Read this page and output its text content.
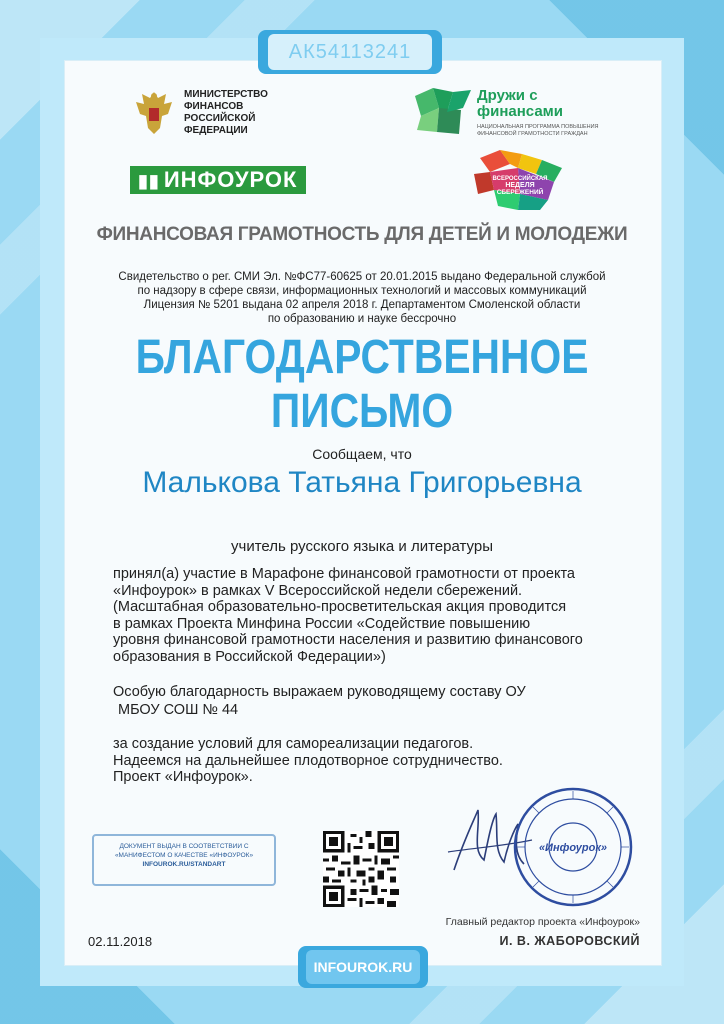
АК54113241
МИНИСТЕРСТВО ФИНАНСОВ РОССИЙСКОЙ ФЕДЕРАЦИИ
Дружи с финансами
НАЦИОНАЛЬНАЯ ПРОГРАММА ПОВЫШЕНИЯ ФИНАНСОВОЙ ГРАМОТНОСТИ ГРАЖДАН
▮▮ ИНФОУРОК	ВСЕРОССИЙСКАЯ
НЕДЕЛЯ
СБЕРЕЖЕНИЙ
ФИНАНСОВАЯ ГРАМОТНОСТЬ ДЛЯ ДЕТЕЙ И МОЛОДЕЖИ
Свидетельство о рег. СМИ Эл. №ФС77-60625 от 20.01.2015 выдано Федеральной службой
по надзору в сфере связи, информационных технологий и массовых коммуникаций
Лицензия № 5201 выдана 02 апреля 2018 г. Департаментом Смоленской области
по образованию и науке бессрочно
БЛАГОДАРСТВЕННОЕ
ПИСЬМО
Сообщаем, что
Малькова Татьяна Григорьевна
учитель русского языка и литературы
принял(а) участие в Марафоне финансовой грамотности от проекта
«Инфоурок» в рамках V Всероссийской недели сбережений.
(Масштабная образовательно-просветительская акция проводится
в рамках Проекта Минфина России «Содействие повышению
уровня финансовой грамотности населения и развитию финансового
образования в Российской Федерации»)
Особую благодарность выражаем руководящему составу ОУ
МБОУ СОШ № 44
за создание условий для самореализации педагогов.
Надеемся на дальнейшее плодотворное сотрудничество.
Проект «Инфоурок».
ДОКУМЕНТ ВЫДАН В СООТВЕТСТВИИ С
«МАНИФЕСТОМ О КАЧЕСТВЕ «ИНФОУРОК»
INFOUROK.RU/STANDART
«Инфоурок»
Главный редактор проекта «Инфоурок»
И. В. ЖАБОРОВСКИЙ
02.11.2018
INFOUROK.RU
